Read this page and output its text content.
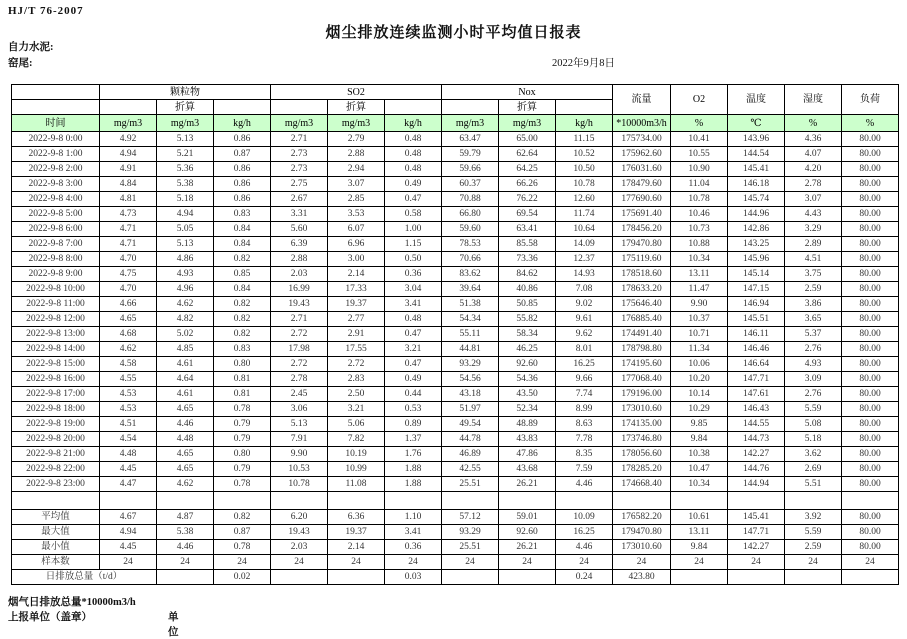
HJ/T 76-2007
烟尘排放连续监测小时平均值日报表
自力水泥:
窑尾:	2022年9月8日
	颗粒物			SO2			Nox			流量	O2	温度	湿度	负荷
		折算			折算			折算						
时间	mg/m3	mg/m3	kg/h	mg/m3	mg/m3	kg/h	mg/m3	mg/m3	kg/h	*10000m3/h	%	℃	%	%
2022-9-8 0:00	4.92	5.13	0.86	2.71	2.79	0.48	63.47	65.00	11.15	175734.00	10.41	143.96	4.36	80.00
2022-9-8 1:00	4.94	5.21	0.87	2.73	2.88	0.48	59.79	62.64	10.52	175962.60	10.55	144.54	4.07	80.00
2022-9-8 2:00	4.91	5.36	0.86	2.73	2.94	0.48	59.66	64.25	10.50	176031.60	10.90	145.41	4.20	80.00
2022-9-8 3:00	4.84	5.38	0.86	2.75	3.07	0.49	60.37	66.26	10.78	178479.60	11.04	146.18	2.78	80.00
2022-9-8 4:00	4.81	5.18	0.86	2.67	2.85	0.47	70.88	76.22	12.60	177690.60	10.78	145.74	3.07	80.00
2022-9-8 5:00	4.73	4.94	0.83	3.31	3.53	0.58	66.80	69.54	11.74	175691.40	10.46	144.96	4.43	80.00
2022-9-8 6:00	4.71	5.05	0.84	5.60	6.07	1.00	59.60	63.41	10.64	178456.20	10.73	142.86	3.29	80.00
2022-9-8 7:00	4.71	5.13	0.84	6.39	6.96	1.15	78.53	85.58	14.09	179470.80	10.88	143.25	2.89	80.00
2022-9-8 8:00	4.70	4.86	0.82	2.88	3.00	0.50	70.66	73.36	12.37	175119.60	10.34	145.96	4.51	80.00
2022-9-8 9:00	4.75	4.93	0.85	2.03	2.14	0.36	83.62	84.62	14.93	178518.60	13.11	145.14	3.75	80.00
2022-9-8 10:00	4.70	4.96	0.84	16.99	17.33	3.04	39.64	40.86	7.08	178633.20	11.47	147.15	2.59	80.00
2022-9-8 11:00	4.66	4.62	0.82	19.43	19.37	3.41	51.38	50.85	9.02	175646.40	9.90	146.94	3.86	80.00
2022-9-8 12:00	4.65	4.82	0.82	2.71	2.77	0.48	54.34	55.82	9.61	176885.40	10.37	145.51	3.65	80.00
2022-9-8 13:00	4.68	5.02	0.82	2.72	2.91	0.47	55.11	58.34	9.62	174491.40	10.71	146.11	5.37	80.00
2022-9-8 14:00	4.62	4.85	0.83	17.98	17.55	3.21	44.81	46.25	8.01	178798.80	11.34	146.46	2.76	80.00
2022-9-8 15:00	4.58	4.61	0.80	2.72	2.72	0.47	93.29	92.60	16.25	174195.60	10.06	146.64	4.93	80.00
2022-9-8 16:00	4.55	4.64	0.81	2.78	2.83	0.49	54.56	54.36	9.66	177068.40	10.20	147.71	3.09	80.00
2022-9-8 17:00	4.53	4.61	0.81	2.45	2.50	0.44	43.18	43.50	7.74	179196.00	10.14	147.61	2.76	80.00
2022-9-8 18:00	4.53	4.65	0.78	3.06	3.21	0.53	51.97	52.34	8.99	173010.60	10.29	146.43	5.59	80.00
2022-9-8 19:00	4.51	4.46	0.79	5.13	5.06	0.89	49.54	48.89	8.63	174135.00	9.85	144.55	5.08	80.00
2022-9-8 20:00	4.54	4.48	0.79	7.91	7.82	1.37	44.78	43.83	7.78	173746.80	9.84	144.73	5.18	80.00
2022-9-8 21:00	4.48	4.65	0.80	9.90	10.19	1.76	46.89	47.86	8.35	178056.60	10.38	142.27	3.62	80.00
2022-9-8 22:00	4.45	4.65	0.79	10.53	10.99	1.88	42.55	43.68	7.59	178285.20	10.47	144.76	2.69	80.00
2022-9-8 23:00	4.47	4.62	0.78	10.78	11.08	1.88	25.51	26.21	4.46	174668.40	10.34	144.94	5.51	80.00

平均值	4.67	4.87	0.82	6.20	6.36	1.10	57.12	59.01	10.09	176582.20	10.61	145.41	3.92	80.00
最大值	4.94	5.38	0.87	19.43	19.37	3.41	93.29	92.60	16.25	179470.80	13.11	147.71	5.59	80.00
最小值	4.45	4.46	0.78	2.03	2.14	0.36	25.51	26.21	4.46	173010.60	9.84	142.27	2.59	80.00
样本数	24	24	24	24	24	24	24	24	24	24	24	24	24	24
日排放总量（t/d）			0.02			0.03			0.24	423.80				
烟气日排放总量*10000m3/h
上报单位（盖章）	单位
